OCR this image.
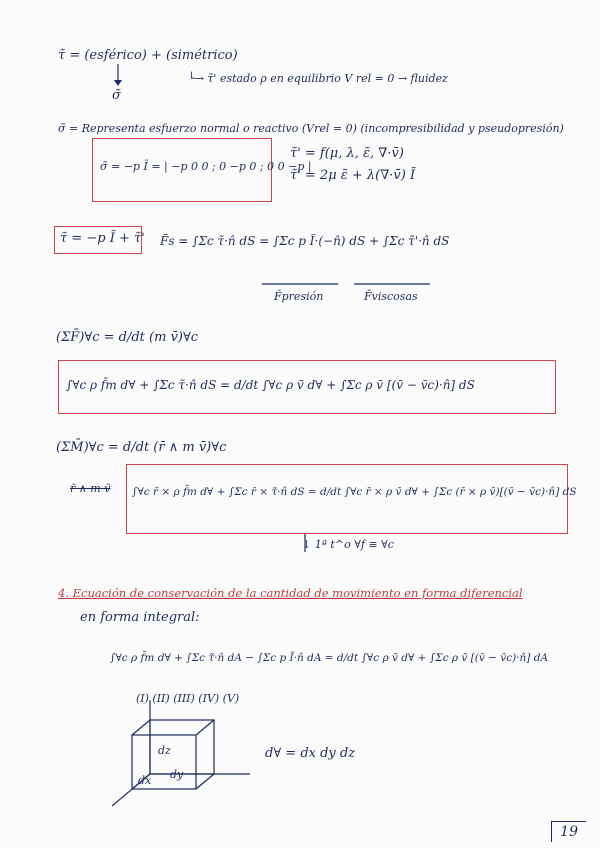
τ̃ = (esférico) + (simétrico)
└→ τ̃' estado ρ en equilibrio V rel = 0 → fluidez
σ̃
σ̃ = Representa esfuerzo normal o reactivo (Vrel = 0) (incompresibilidad y pseudopresión)
σ̃ = −p Ĩ = | −p 0 0 ; 0 −p 0 ; 0 0 −p |
τ̃' = f(μ, λ, ε̃, ∇·v̄)
τ̃' = 2μ ε̃ + λ(∇·v̄) Ĩ
τ̃ = −p Ĩ + τ̃' F̄s = ∫Σc τ̃·n̂ dS = ∫Σc p Ĩ·(−n̂) dS + ∫Σc τ̃'·n̂ dS
F̄presión	F̄viscosas
(ΣF̄)∀c = d/dt (m v̄)∀c
∫∀c ρ f̄m d∀ + ∫Σc τ̃·n̂ dS = d/dt ∫∀c ρ v̄ d∀ + ∫Σc ρ v̄ [(v̄ − v̄c)·n̂] dS
(ΣM̄)∀c = d/dt (r̄ ∧ m v̄)∀c
r̄ ∧ m v̄ ∫∀c r̄ × ρ f̄m d∀ + ∫Σc r̄ × τ̃·n̂ dS = d/dt ∫∀c r̄ × ρ v̄ d∀ + ∫Σc (r̄ × ρ v̄)[(v̄ − v̄c)·n̂] dS
↓ 1ª t^o ∀f ≡ ∀c
4. Ecuación de conservación de la cantidad de movimiento en forma diferencial
en forma integral:
∫∀c ρ f̄m d∀ + ∫Σc τ̃·n̂ dA − ∫Σc p Ĩ·n̂ dA = d/dt ∫∀c ρ v̄ d∀ + ∫Σc ρ v̄ [(v̄ − v̄c)·n̂] dA
(I) (II) (III) (IV) (V)
dz
dy
dx
d∀ = dx dy dz
19
